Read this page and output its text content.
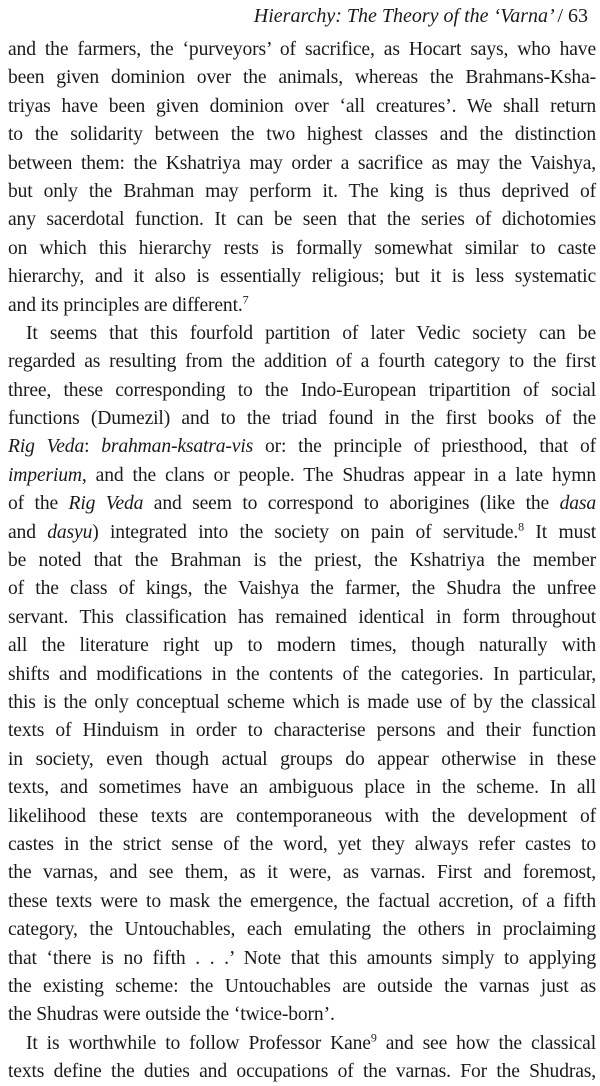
Hierarchy: The Theory of the ‘Varna’ / 63
and the farmers, the ‘purveyors’ of sacrifice, as Hocart says, who have
been given dominion over the animals, whereas the Brahmans-Ksha-
triyas have been given dominion over ‘all creatures’. We shall return
to the solidarity between the two highest classes and the distinction
between them: the Kshatriya may order a sacrifice as may the Vaishya,
but only the Brahman may perform it. The king is thus deprived of
any sacerdotal function. It can be seen that the series of dichotomies
on which this hierarchy rests is formally somewhat similar to caste
hierarchy, and it also is essentially religious; but it is less systematic
and its principles are different.$^7$
It seems that this fourfold partition of later Vedic society can be
regarded as resulting from the addition of a fourth category to the first
three, these corresponding to the Indo-European tripartition of social
functions (Dumezil) and to the triad found in the first books of the
Rig Veda: brahman-ksatra-vis or: the principle of priesthood, that of
imperium, and the clans or people. The Shudras appear in a late hymn
of the Rig Veda and seem to correspond to aborigines (like the dasa
and dasyu) integrated into the society on pain of servitude.$^8$ It must
be noted that the Brahman is the priest, the Kshatriya the member
of the class of kings, the Vaishya the farmer, the Shudra the unfree
servant. This classification has remained identical in form throughout
all the literature right up to modern times, though naturally with
shifts and modifications in the contents of the categories. In particular,
this is the only conceptual scheme which is made use of by the classical
texts of Hinduism in order to characterise persons and their function
in society, even though actual groups do appear otherwise in these
texts, and sometimes have an ambiguous place in the scheme. In all
likelihood these texts are contemporaneous with the development of
castes in the strict sense of the word, yet they always refer castes to
the varnas, and see them, as it were, as varnas. First and foremost,
these texts were to mask the emergence, the factual accretion, of a fifth
category, the Untouchables, each emulating the others in proclaiming
that ‘there is no fifth . . .’ Note that this amounts simply to applying
the existing scheme: the Untouchables are outside the varnas just as
the Shudras were outside the ‘twice-born’.
It is worthwhile to follow Professor Kane$^9$ and see how the classical
texts define the duties and occupations of the varnas. For the Shudras,
